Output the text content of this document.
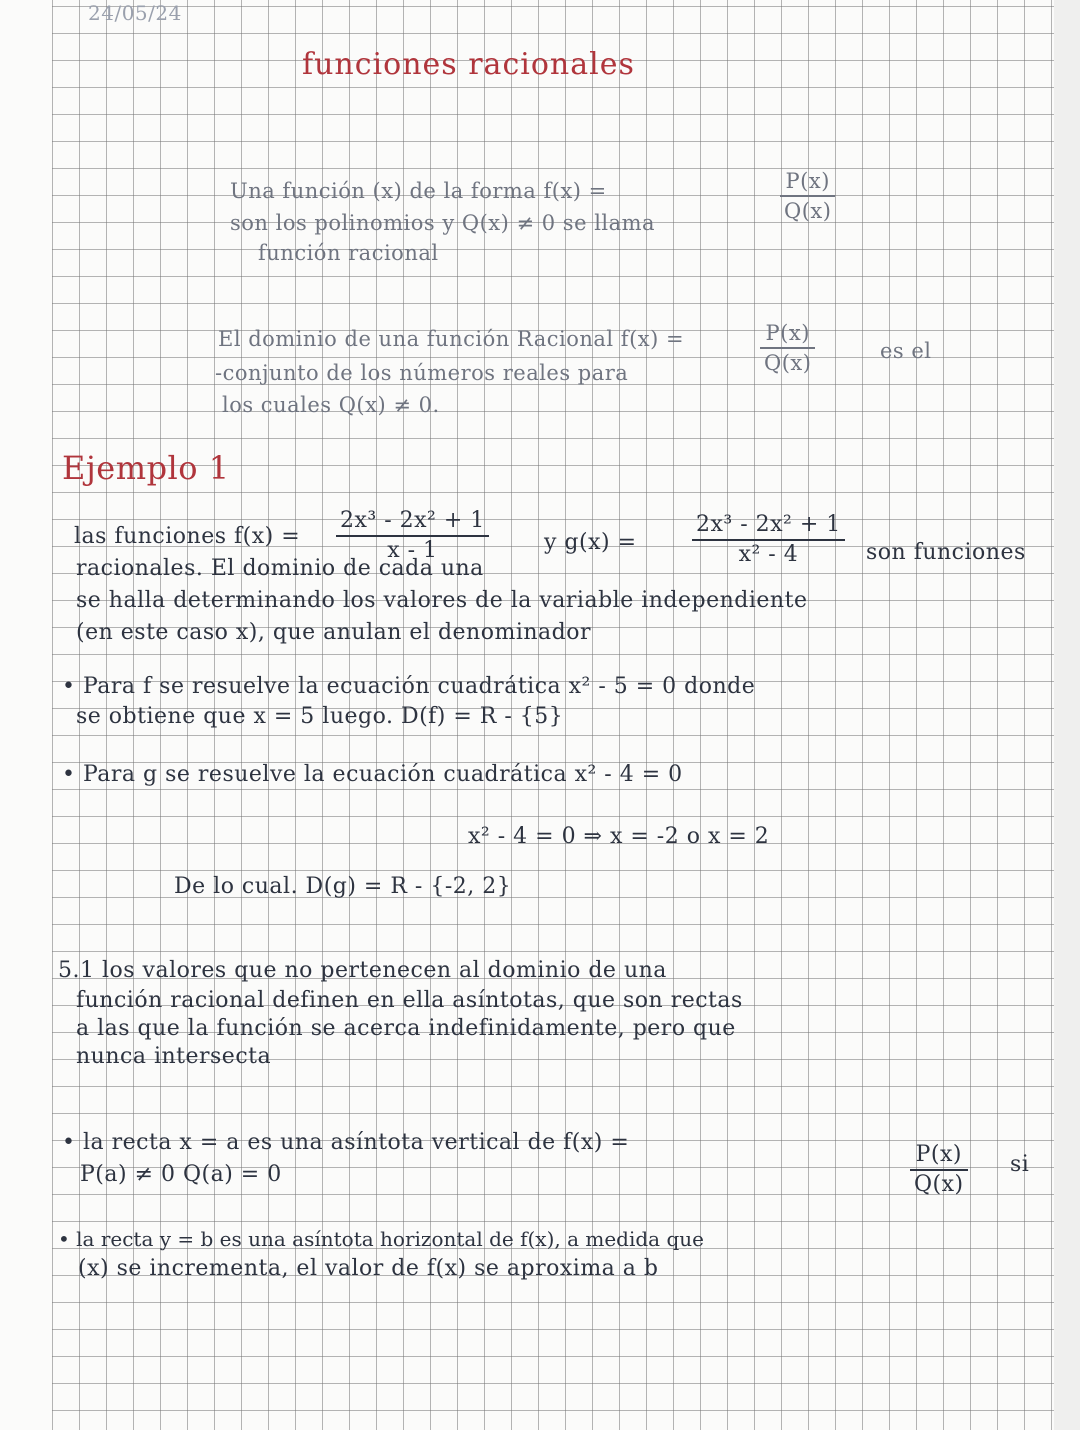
24/05/24

funciones racionales

Una función (x) de la forma f(x) =	$\frac{P(x)}{Q(x)}$

son los polinomios y Q(x) ≠ 0 se llama

función racional

El dominio de una función Racional f(x) =	$\frac{P(x)}{Q(x)}$	es el

-conjunto de los números reales para

los cuales Q(x) ≠ 0.

Ejemplo 1

las funciones $f(x) = \frac{\text{2x³ - 2x² + 1}}{x - 1}$	y g(x) =	$\frac{\text{2x³ - 2x² + 1}}{\text{x² - 4}}$ son funciones

racionales. El dominio de cada una

se halla determinando los valores de la variable independiente

(en este caso x), que anulan el denominador

• Para f se resuelve la ecuación cuadrática x² - 5 = 0 donde

se obtiene que x = 5 luego. D(f) = R - {5}

• Para g se resuelve la ecuación cuadrática x² - 4 = 0

x² - 4 = 0 ⇒ x = -2 o x = 2

De lo cual. D(g) = R - {-2, 2}

5.1 los valores que no pertenecen al dominio de una

función racional definen en ella asíntotas, que son rectas

a las que la función se acerca indefinidamente, pero que

nunca intersecta

• la recta x = a es una asíntota vertical de f(x) =	$\frac{P(x)}{Q(x)}$ si

P(a) ≠ 0 Q(a) = 0

• la recta y = b es una asíntota horizontal de f(x), a medida que

(x) se incrementa, el valor de f(x) se aproxima a b
